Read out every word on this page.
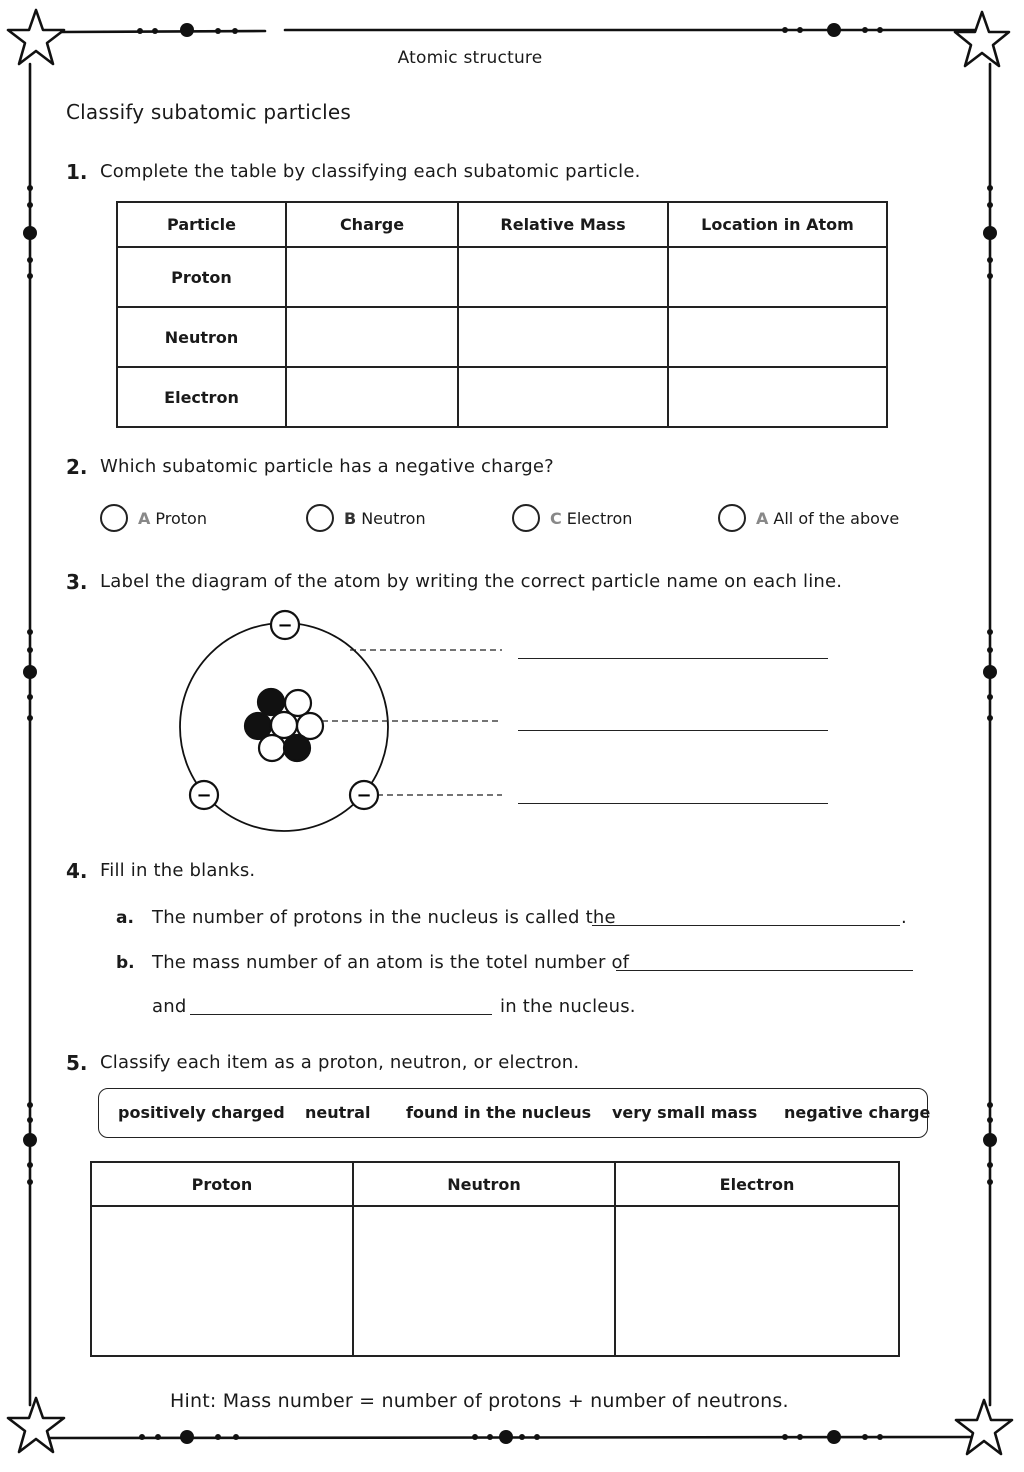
Atomic structure
Classify subatomic particles
1. Complete the table by classifying each subatomic particle.
Particle	Charge	Relative Mass	Location in Atom
Proton			
Neutron			
Electron			
2. Which subatomic particle has a negative charge?
A Proton	B Neutron	C Electron	A All of the above
3. Label the diagram of the atom by writing the correct particle name on each line.
−
−	−
4. Fill in the blanks.
a. The number of protons in the nucleus is called the	.
b. The mass number of an atom is the totel number of
and	in the nucleus.
5. Classify each item as a proton, neutron, or electron.
positively charged neutral found in the nucleus very small mass negative charge
Proton	Neutron	Electron

Hint: Mass number = number of protons + number of neutrons.
